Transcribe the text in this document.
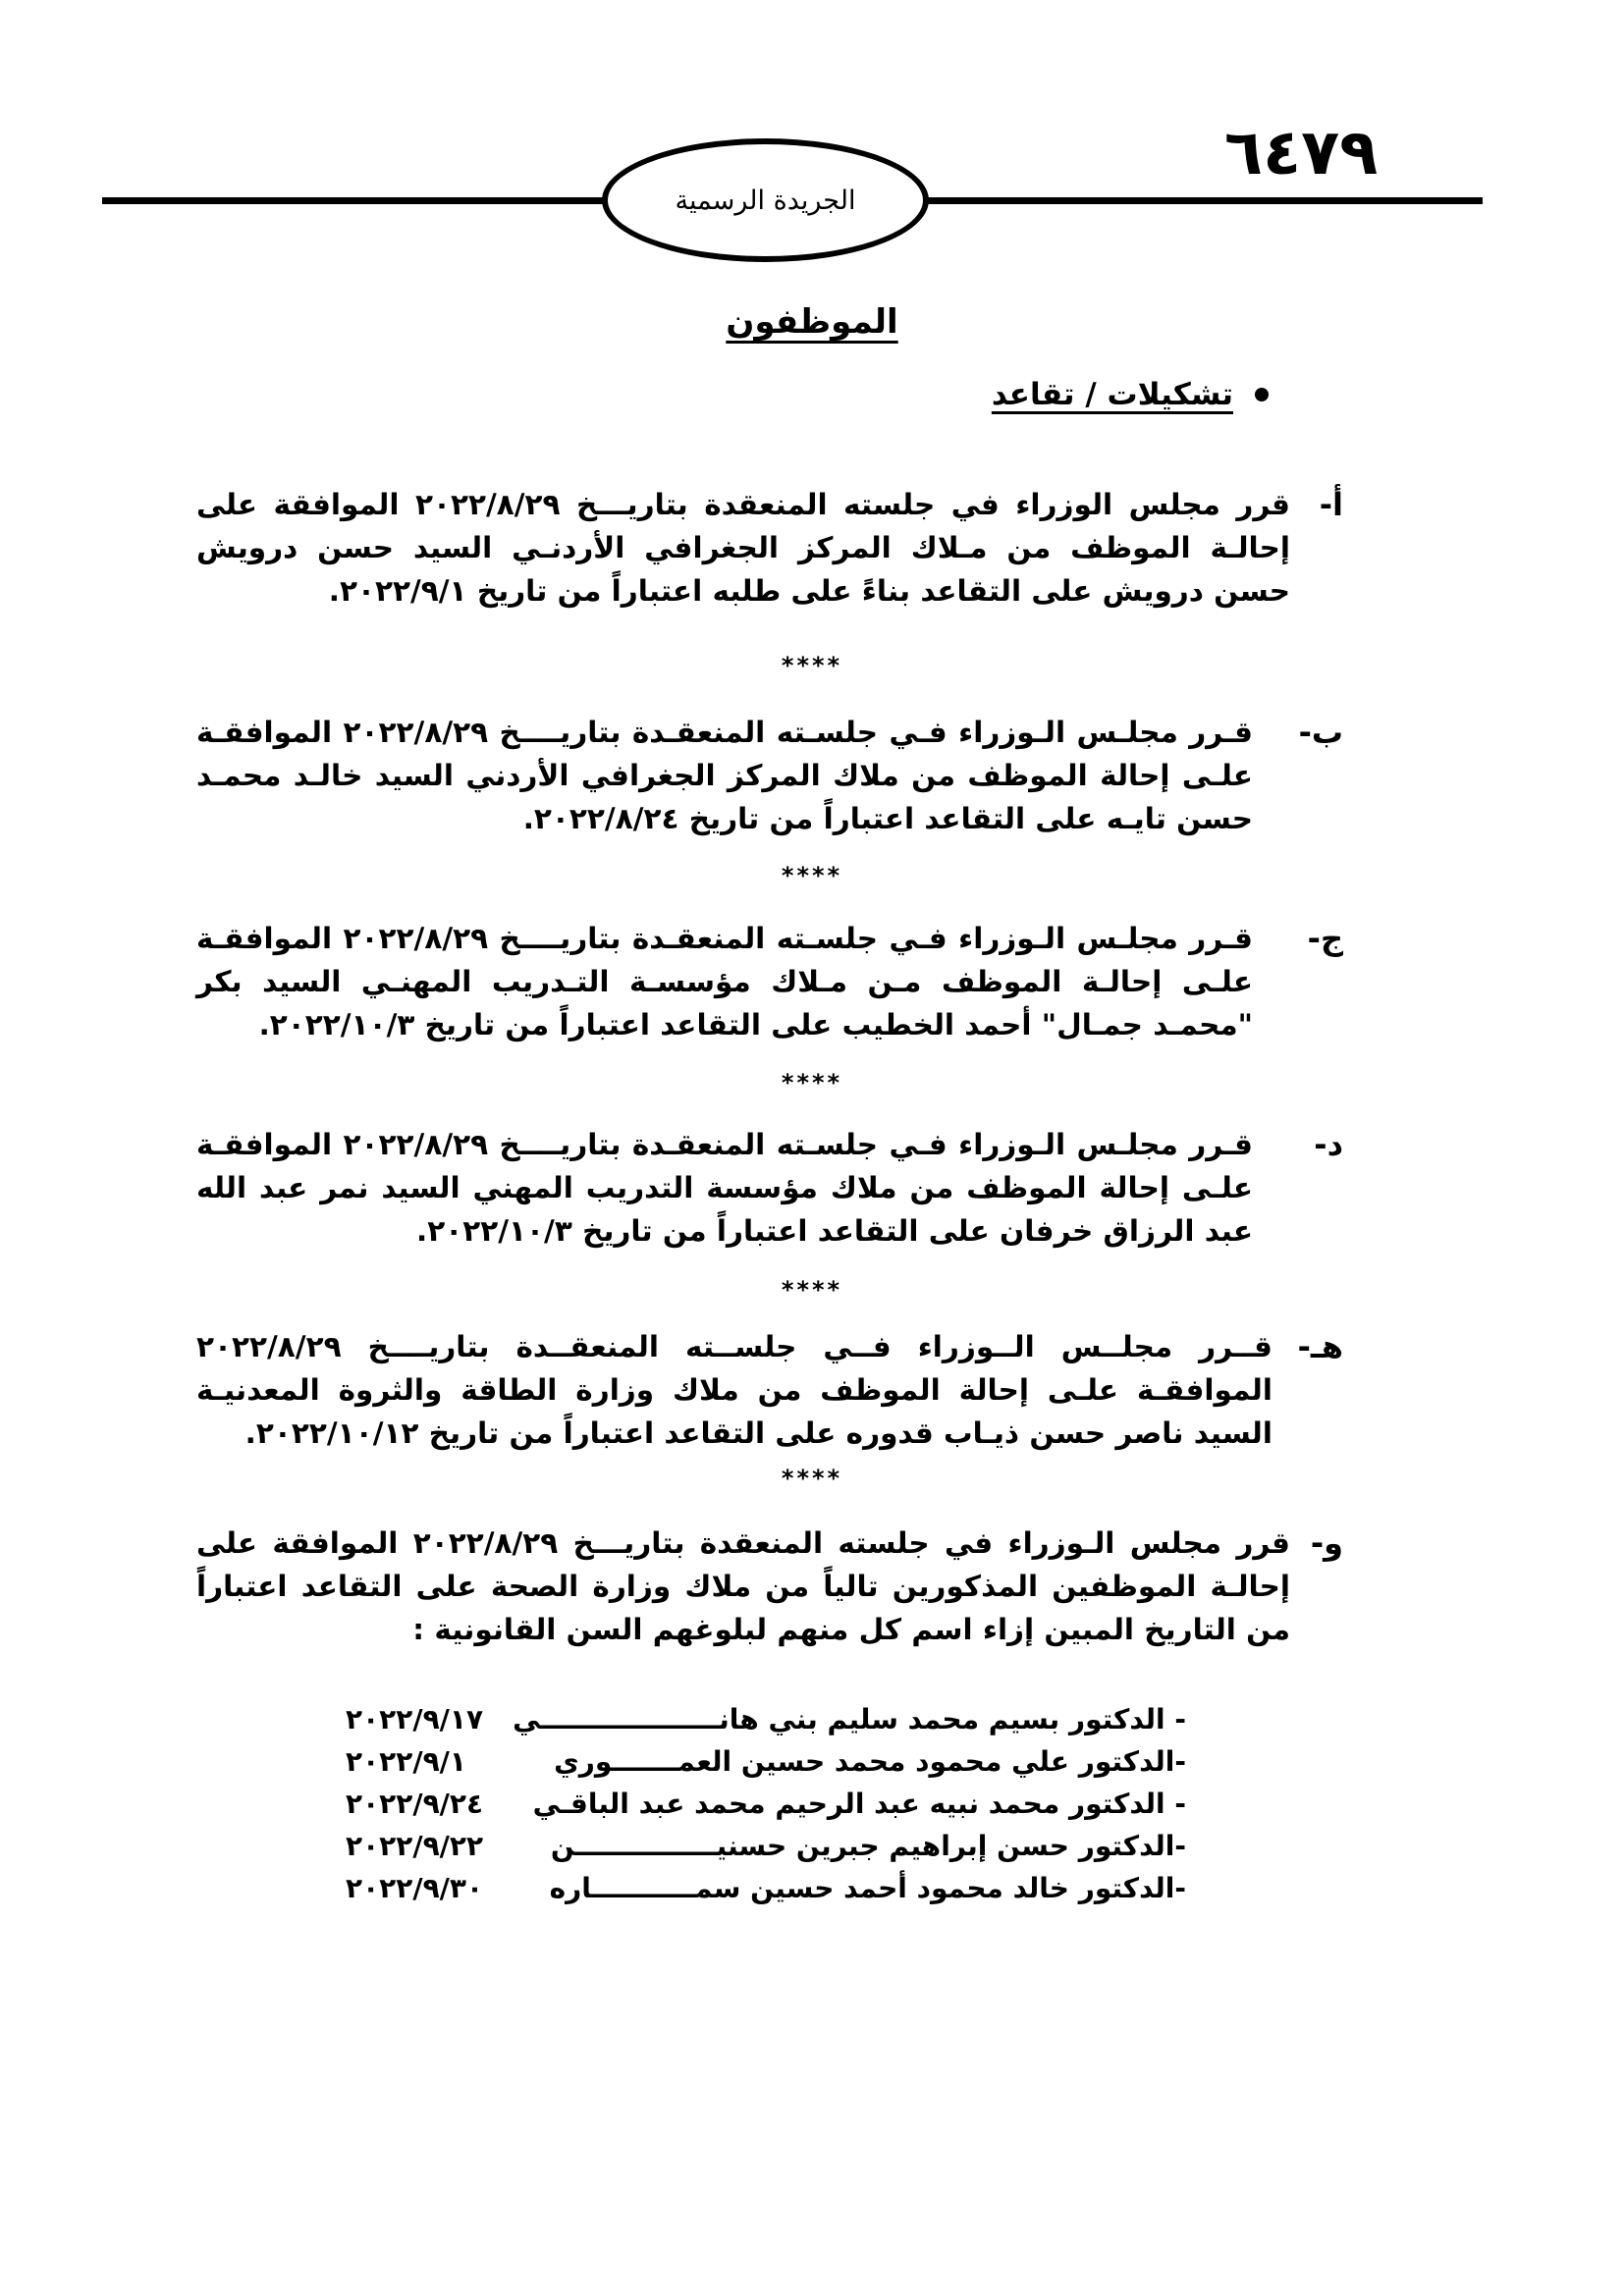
الجريدة الرسمية
٦٤٧٩
الموظفون
تشكيلات / تقاعد
أ-
قرر مجلس الوزراء في جلسته المنعقدة بتاريـــخ ٢٠٢٢/٨/٢٩ الموافقة على إحالـة الموظف من مـلاك المركز الجغرافي الأردنـي السيد حسن درويش حسن درويش على التقاعد بناءً على طلبه اعتباراً من تاريخ ٢٠٢٢/٩/١.
****
ب-
قـرر مجلـس الـوزراء فـي جلسـته المنعقـدة بتاريــــخ ٢٠٢٢/٨/٢٩ الموافقـة علـى إحالة الموظف من ملاك المركز الجغرافي الأردني السيد خالـد محمـد حسن تايـه على التقاعد اعتباراً من تاريخ ٢٠٢٢/٨/٢٤.
****
ج-
قـرر مجلـس الـوزراء فـي جلسـته المنعقـدة بتاريــــخ ٢٠٢٢/٨/٢٩ الموافقـة علـى إحالـة الموظف مـن مـلاك مؤسسـة التـدريب المهنـي السيد بكر "محمـد جمـال" أحمد الخطيب على التقاعد اعتباراً من تاريخ ٢٠٢٢/١٠/٣.
****
د-
قـرر مجلـس الـوزراء فـي جلسـته المنعقـدة بتاريــــخ ٢٠٢٢/٨/٢٩ الموافقـة علـى إحالة الموظف من ملاك مؤسسة التدريب المهني السيد نمر عبد الله عبد الرزاق خرفان على التقاعد اعتباراً من تاريخ ٢٠٢٢/١٠/٣.
****
هـ-
قــرر مجلــس الــوزراء فــي جلســته المنعقــدة بتاريــــخ ٢٠٢٢/٨/٢٩ الموافقـة علـى إحالة الموظف من ملاك وزارة الطاقة والثروة المعدنيـة السيد ناصر حسن ذيـاب قدوره على التقاعد اعتباراً من تاريخ ٢٠٢٢/١٠/١٢.
****
و-
قرر مجلس الـوزراء في جلسته المنعقدة بتاريـــخ ٢٠٢٢/٨/٢٩ الموافقة على إحالـة الموظفين المذكورين تالياً من ملاك وزارة الصحة على التقاعد اعتباراً من التاريخ المبين إزاء اسم كل منهم لبلوغهم السن القانونية :
- الدكتور بسيم محمد سليم بني هانـــــــــــــــــــي
٢٠٢٢/٩/١٧
-الدكتور علي محمود محمد حسين العمـــــــوري
٢٠٢٢/٩/١
- الدكتور محمد نبيه عبد الرحيم محمد عبد الباقـي
٢٠٢٢/٩/٢٤
-الدكتور حسن إبراهيم جبرين حسنيـــــــــــــــن
٢٠٢٢/٩/٢٢
-الدكتور خالد محمود أحمد حسين سمـــــــــــاره
٢٠٢٢/٩/٣٠
